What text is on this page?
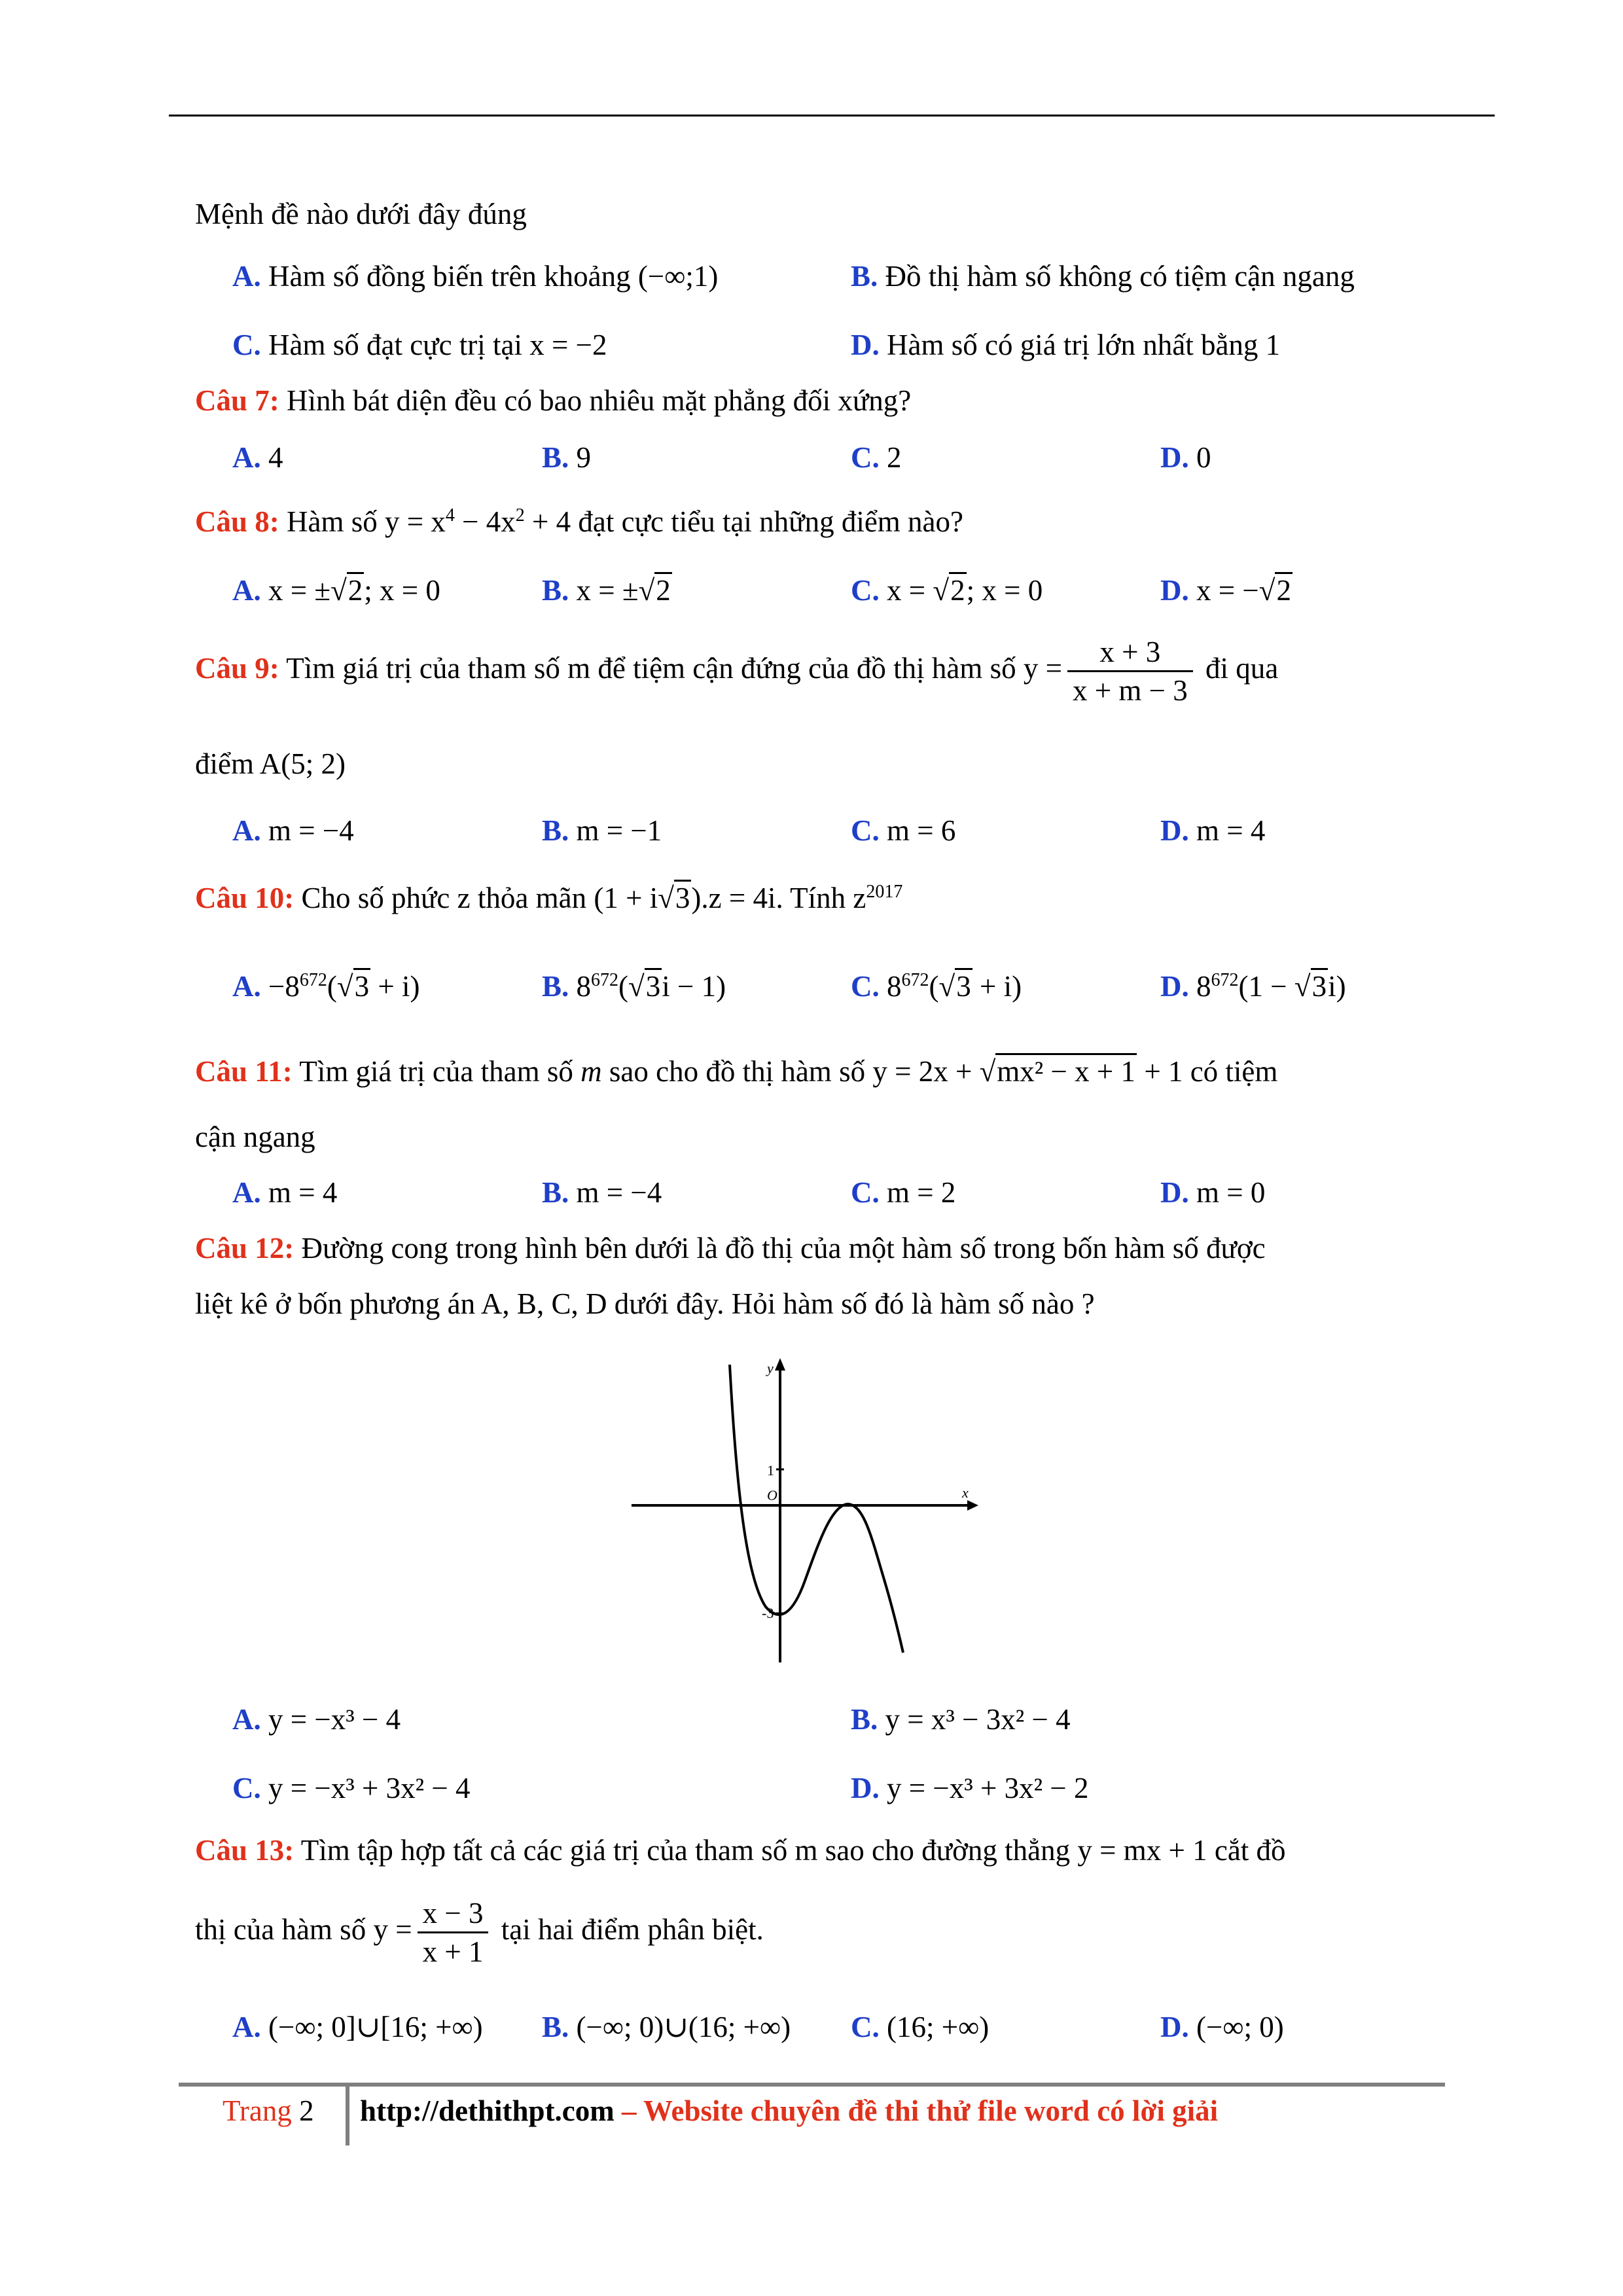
Mệnh đề nào dưới đây đúng
A. Hàm số đồng biến trên khoảng (−∞;1)	B. Đồ thị hàm số không có tiệm cận ngang
C. Hàm số đạt cực trị tại x = −2	D. Hàm số có giá trị lớn nhất bằng 1
Câu 7: Hình bát diện đều có bao nhiêu mặt phẳng đối xứng?
A. 4	B. 9	C. 2	D. 0
Câu 8: Hàm số $y = x^4 - 4x^2 + 4$ đạt cực tiểu tại những điểm nào?
A. x = ±√2; x = 0	B. x = ±√2	C. x = √2; x = 0	D. x = −√2
Câu 9: Tìm giá trị của tham số m để tiệm cận đứng của đồ thị hàm số $y = \frac{x + 3}{x + m - 3}$ đi qua
điểm A(5; 2)
A. m = −4	B. m = −1	C. m = 6	D. m = 4
Câu 10: Cho số phức z thỏa mãn (1 + i√3).z = 4i. Tính $z^{2017}$
A. $-8^{672}(√3 + i)$	B. $8^{672}(√3i - 1)$	C. $8^{672}(√3 + i)$	D. $8^{672}(1 - √3i)$
Câu 11: Tìm giá trị của tham số m sao cho đồ thị hàm số y = 2x + √mx² − x + 1 + 1 có tiệm
cận ngang
A. m = 4	B. m = −4	C. m = 2	D. m = 0
Câu 12: Đường cong trong hình bên dưới là đồ thị của một hàm số trong bốn hàm số được
liệt kê ở bốn phương án A, B, C, D dưới đây. Hỏi hàm số đó là hàm số nào ?
y
x
O
1
-3
A. y = −x³ − 4	B. y = x³ − 3x² − 4
C. y = −x³ + 3x² − 4	D. y = −x³ + 3x² − 2
Câu 13: Tìm tập hợp tất cả các giá trị của tham số m sao cho đường thẳng y = mx + 1 cắt đồ
thị của hàm số $y = \frac{x - 3}{x + 1}$ tại hai điểm phân biệt.
A. (−∞; 0]∪[16; +∞) B. (−∞; 0)∪(16; +∞) C. (16; +∞)	D. (−∞; 0)
Trang 2 http://dethithpt.com – Website chuyên đề thi thử file word có lời giải
